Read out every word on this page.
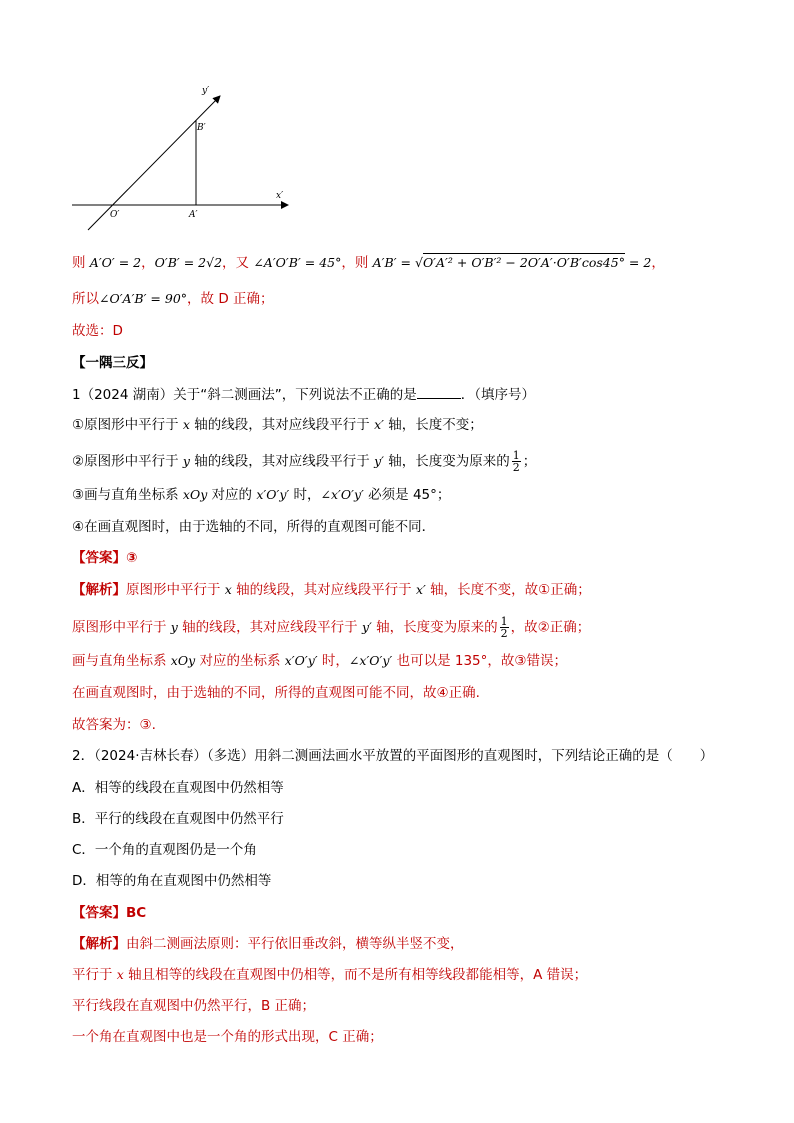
y′
x′
B′
A′
O′
则 A′O′ = 2，O′B′ = 2√2，又 ∠A′O′B′ = 45°，则 A′B′ = √O′A′² + O′B′² − 2O′A′·O′B′cos45° = 2，
所以∠O′A′B′ = 90°，故 D 正确；
故选：D
【一隅三反】
1（2024 湖南）关于“斜二测画法”，下列说法不正确的是	．（填序号）
①原图形中平行于 x 轴的线段，其对应线段平行于 x′ 轴，长度不变；
②原图形中平行于 y 轴的线段，其对应线段平行于 y′ 轴，长度变为原来的 $\frac{1}{2}$ ；
③画与直角坐标系 xOy 对应的 x′O′y′ 时，∠x′O′y′ 必须是 45°；
④在画直观图时，由于选轴的不同，所得的直观图可能不同．
【答案】③
【解析】原图形中平行于 x 轴的线段，其对应线段平行于 x′ 轴，长度不变，故①正确；
原图形中平行于 y 轴的线段，其对应线段平行于 y′ 轴，长度变为原来的 $\frac{1}{2}$ ，故②正确；
画与直角坐标系 xOy 对应的坐标系 x′O′y′ 时，∠x′O′y′ 也可以是 135°，故③错误；
在画直观图时，由于选轴的不同，所得的直观图可能不同，故④正确.
故答案为：③.
2．（2024·吉林长春）（多选）用斜二测画法画水平放置的平面图形的直观图时，下列结论正确的是（　　）
A．相等的线段在直观图中仍然相等
B．平行的线段在直观图中仍然平行
C．一个角的直观图仍是一个角
D．相等的角在直观图中仍然相等
【答案】BC
【解析】由斜二测画法原则：平行依旧垂改斜，横等纵半竖不变，
平行于 x 轴且相等的线段在直观图中仍相等，而不是所有相等线段都能相等，A 错误；
平行线段在直观图中仍然平行，B 正确；
一个角在直观图中也是一个角的形式出现，C 正确；
